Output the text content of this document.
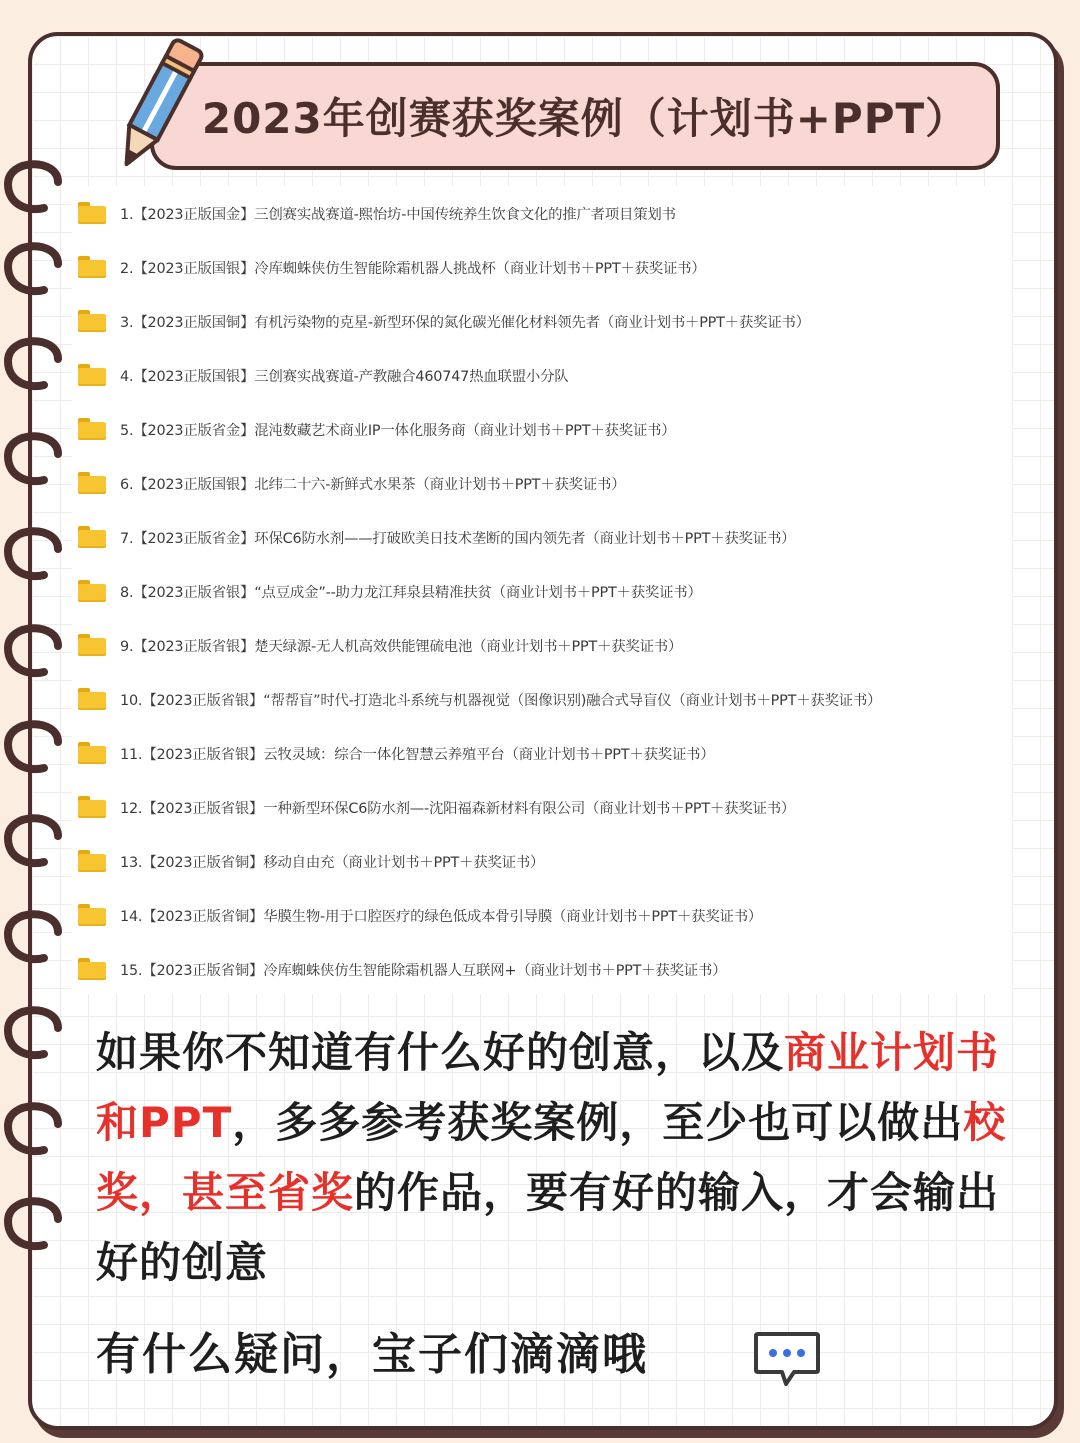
2023年创赛获奖案例（计划书+PPT）
1.【2023正版国金】三创赛实战赛道-熙怡坊-中国传统养生饮食文化的推广者项目策划书
2.【2023正版国银】冷库蜘蛛侠仿生智能除霜机器人挑战杯（商业计划书＋PPT＋获奖证书）
3.【2023正版国铜】有机污染物的克星-新型环保的氮化碳光催化材料领先者（商业计划书＋PPT＋获奖证书）
4.【2023正版国银】三创赛实战赛道-产教融合460747热血联盟小分队
5.【2023正版省金】混沌数藏艺术商业IP一体化服务商（商业计划书＋PPT＋获奖证书）
6.【2023正版国银】北纬二十六-新鲜式水果茶（商业计划书＋PPT＋获奖证书）
7.【2023正版省金】环保C6防水剂——打破欧美日技术垄断的国内领先者（商业计划书＋PPT＋获奖证书）
8.【2023正版省银】“点豆成金”--助力龙江拜泉县精准扶贫（商业计划书＋PPT＋获奖证书）
9.【2023正版省银】楚天绿源-无人机高效供能锂硫电池（商业计划书＋PPT＋获奖证书）
10.【2023正版省银】“帮帮盲”时代-打造北斗系统与机器视觉（图像识别)融合式导盲仪（商业计划书＋PPT＋获奖证书）
11.【2023正版省银】云牧灵域：综合一体化智慧云养殖平台（商业计划书＋PPT＋获奖证书）
12.【2023正版省银】一种新型环保C6防水剂—-沈阳福森新材料有限公司（商业计划书＋PPT＋获奖证书）
13.【2023正版省铜】移动自由充（商业计划书＋PPT＋获奖证书）
14.【2023正版省铜】华膜生物-用于口腔医疗的绿色低成本骨引导膜（商业计划书＋PPT＋获奖证书）
15.【2023正版省铜】冷库蜘蛛侠仿生智能除霜机器人互联网+（商业计划书＋PPT＋获奖证书）
如果你不知道有什么好的创意，以及商业计划书和PPT，多多参考获奖案例，至少也可以做出校奖，甚至省奖的作品，要有好的输入，才会输出好的创意
有什么疑问，宝子们滴滴哦
